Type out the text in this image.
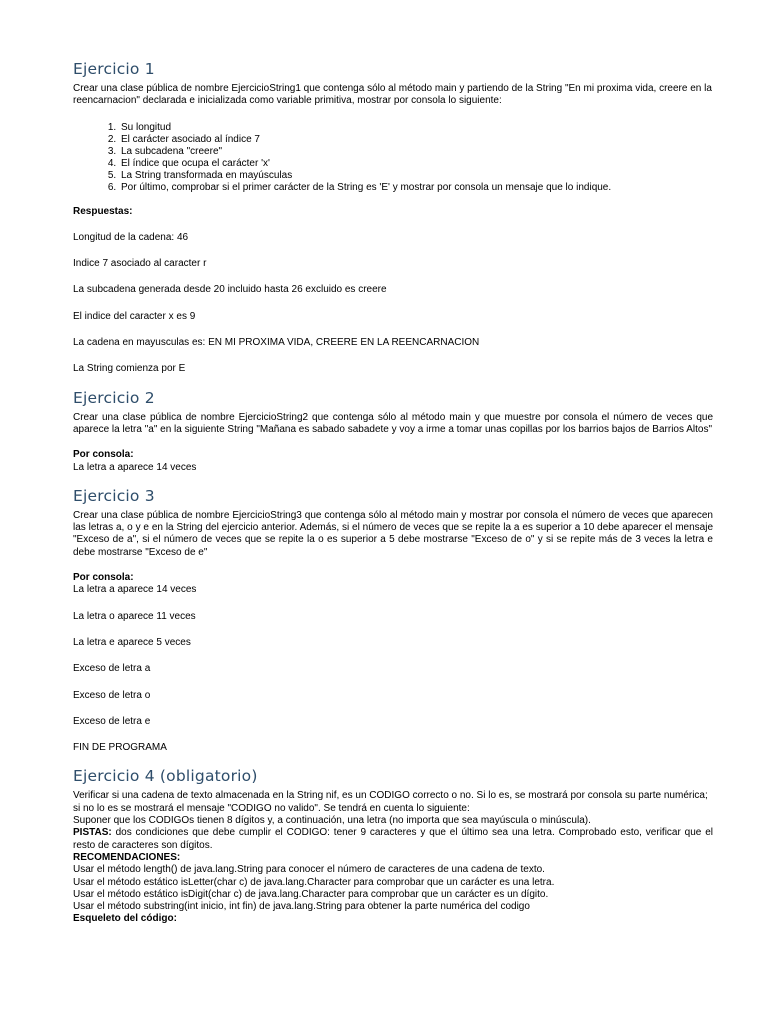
Ejercicio 1

Crear una clase pública de nombre EjercicioString1 que contenga sólo al método main y partiendo de la String "En mi proxima vida, creere en la reencarnacion" declarada e inicializada como variable primitiva, mostrar por consola lo siguiente:

1. Su longitud
2. El carácter asociado al índice 7
3. La subcadena "creere"
4. El índice que ocupa el carácter 'x'
5. La String transformada en mayúsculas
6. Por último, comprobar si el primer carácter de la String es 'E' y mostrar por consola un mensaje que lo indique.

Respuestas:

Longitud de la cadena: 46

Indice 7 asociado al caracter r

La subcadena generada desde 20 incluido hasta 26 excluido es creere

El indice del caracter x es 9

La cadena en mayusculas es: EN MI PROXIMA VIDA, CREERE EN LA REENCARNACION

La String comienza por E

Ejercicio 2

Crear una clase pública de nombre EjercicioString2 que contenga sólo al método main y que muestre por consola el número de veces que aparece la letra "a" en la siguiente String "Mañana es sabado sabadete y voy a irme a tomar unas copillas por los barrios bajos de Barrios Altos"

Por consola:

La letra a aparece 14 veces

Ejercicio 3

Crear una clase pública de nombre EjercicioString3 que contenga sólo al método main y mostrar por consola el número de veces que aparecen las letras a, o y e en la String del ejercicio anterior. Además, si el número de veces que se repite la a es superior a 10 debe aparecer el mensaje "Exceso de a", si el número de veces que se repite la o es superior a 5 debe mostrarse "Exceso de o" y si se repite más de 3 veces la letra e debe mostrarse "Exceso de e"

Por consola:

La letra a aparece 14 veces

La letra o aparece 11 veces

La letra e aparece 5 veces

Exceso de letra a

Exceso de letra o

Exceso de letra e

FIN DE PROGRAMA

Ejercicio 4 (obligatorio)

Verificar si una cadena de texto almacenada en la String nif, es un CODIGO correcto o no. Si lo es, se mostrará por consola su parte numérica; si no lo es se mostrará el mensaje "CODIGO no valido". Se tendrá en cuenta lo siguiente:

Suponer que los CODIGOs tienen 8 dígitos y, a continuación, una letra (no importa que sea mayúscula o minúscula).

PISTAS: dos condiciones que debe cumplir el CODIGO: tener 9 caracteres y que el último sea una letra. Comprobado esto, verificar que el resto de caracteres son dígitos.

RECOMENDACIONES:

Usar el método length() de java.lang.String para conocer el número de caracteres de una cadena de texto.

Usar el método estático isLetter(char c) de java.lang.Character para comprobar que un carácter es una letra.

Usar el método estático isDigit(char c) de java.lang.Character para comprobar que un carácter es un dígito.

Usar el método substring(int inicio, int fin) de java.lang.String para obtener la parte numérica del codigo

Esqueleto del código:
